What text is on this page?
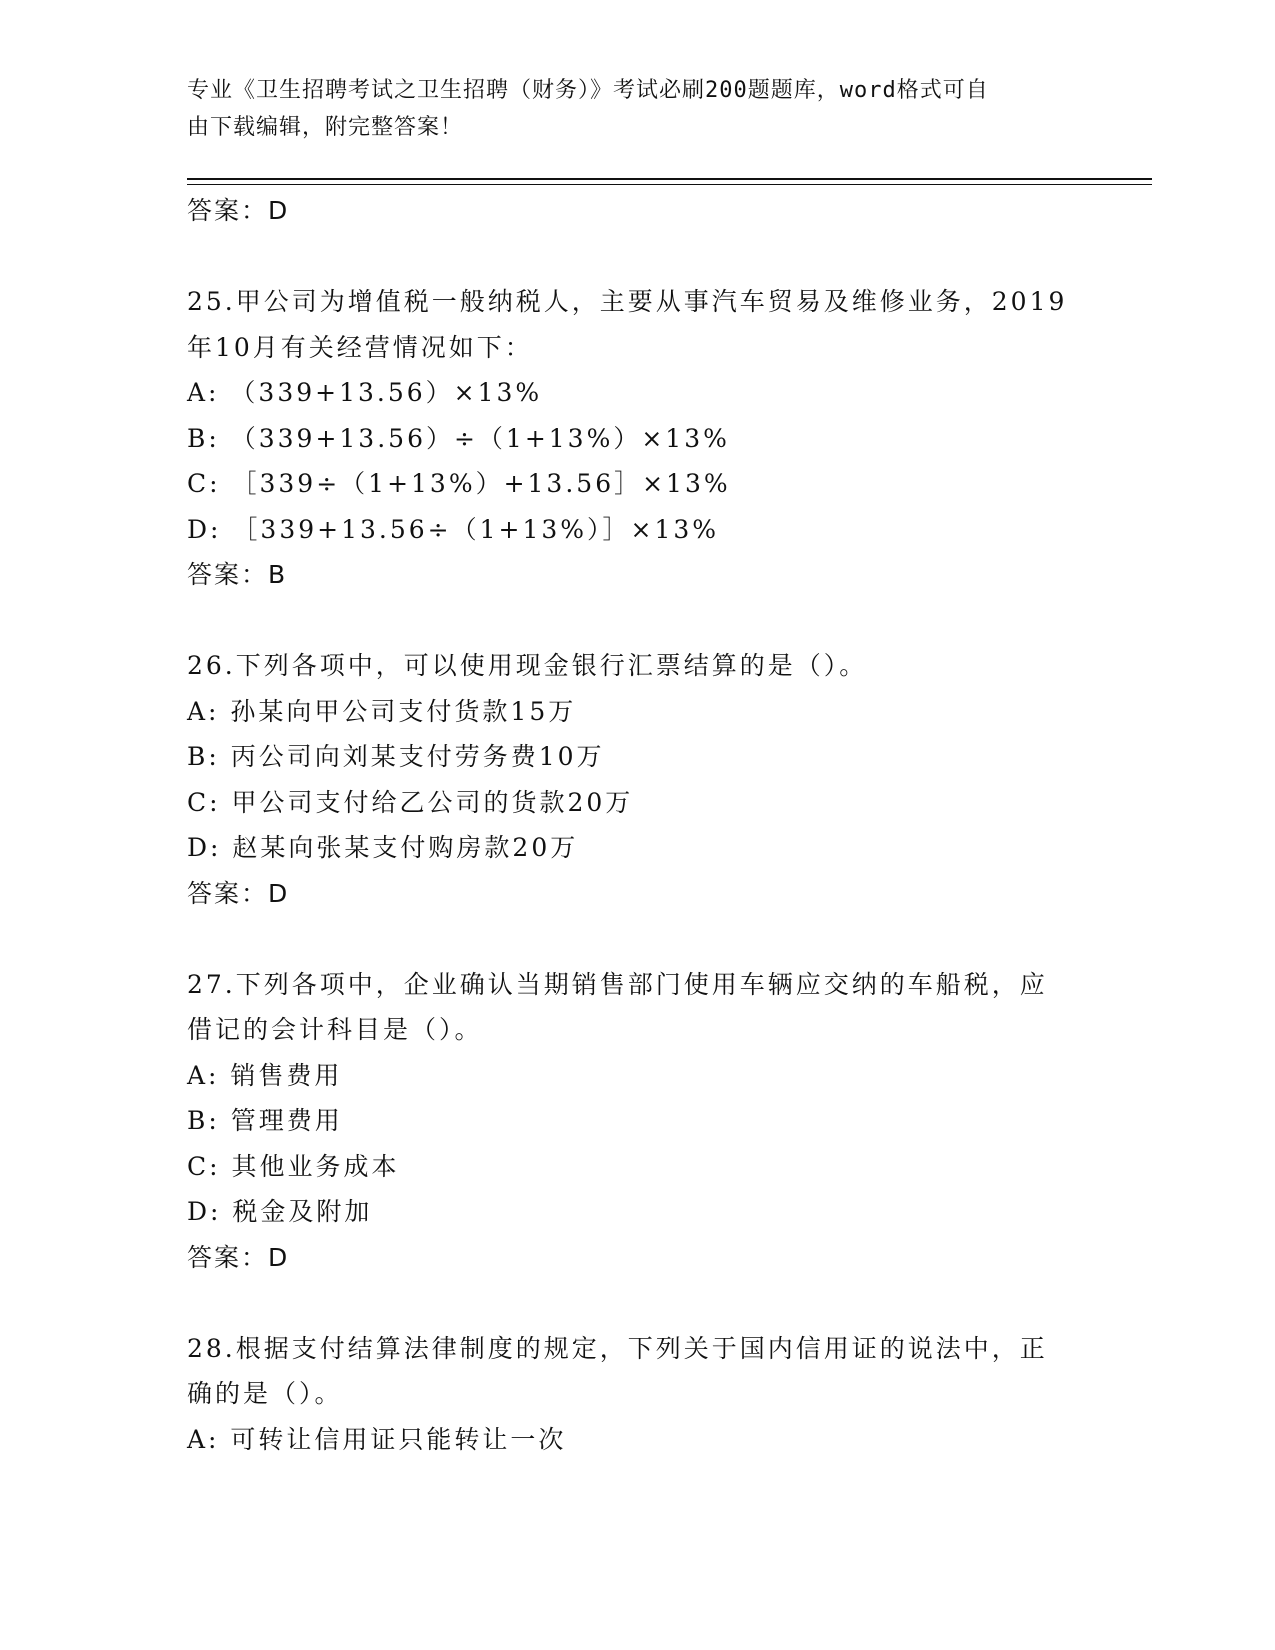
专业《卫生招聘考试之卫生招聘（财务）》考试必刷200题题库，word格式可自
由下载编辑，附完整答案！
答案：D
25.甲公司为增值税一般纳税人，主要从事汽车贸易及维修业务，2019
年10月有关经营情况如下：
A: （339+13.56）×13%
B: （339+13.56）÷（1+13%）×13%
C: ［339÷（1+13%）+13.56］×13%
D: ［339+13.56÷（1+13%）］×13%
答案：B
26.下列各项中，可以使用现金银行汇票结算的是（）。
A: 孙某向甲公司支付货款15万
B: 丙公司向刘某支付劳务费10万
C: 甲公司支付给乙公司的货款20万
D: 赵某向张某支付购房款20万
答案：D
27.下列各项中，企业确认当期销售部门使用车辆应交纳的车船税，应
借记的会计科目是（）。
A: 销售费用
B: 管理费用
C: 其他业务成本
D: 税金及附加
答案：D
28.根据支付结算法律制度的规定，下列关于国内信用证的说法中，正
确的是（）。
A: 可转让信用证只能转让一次
